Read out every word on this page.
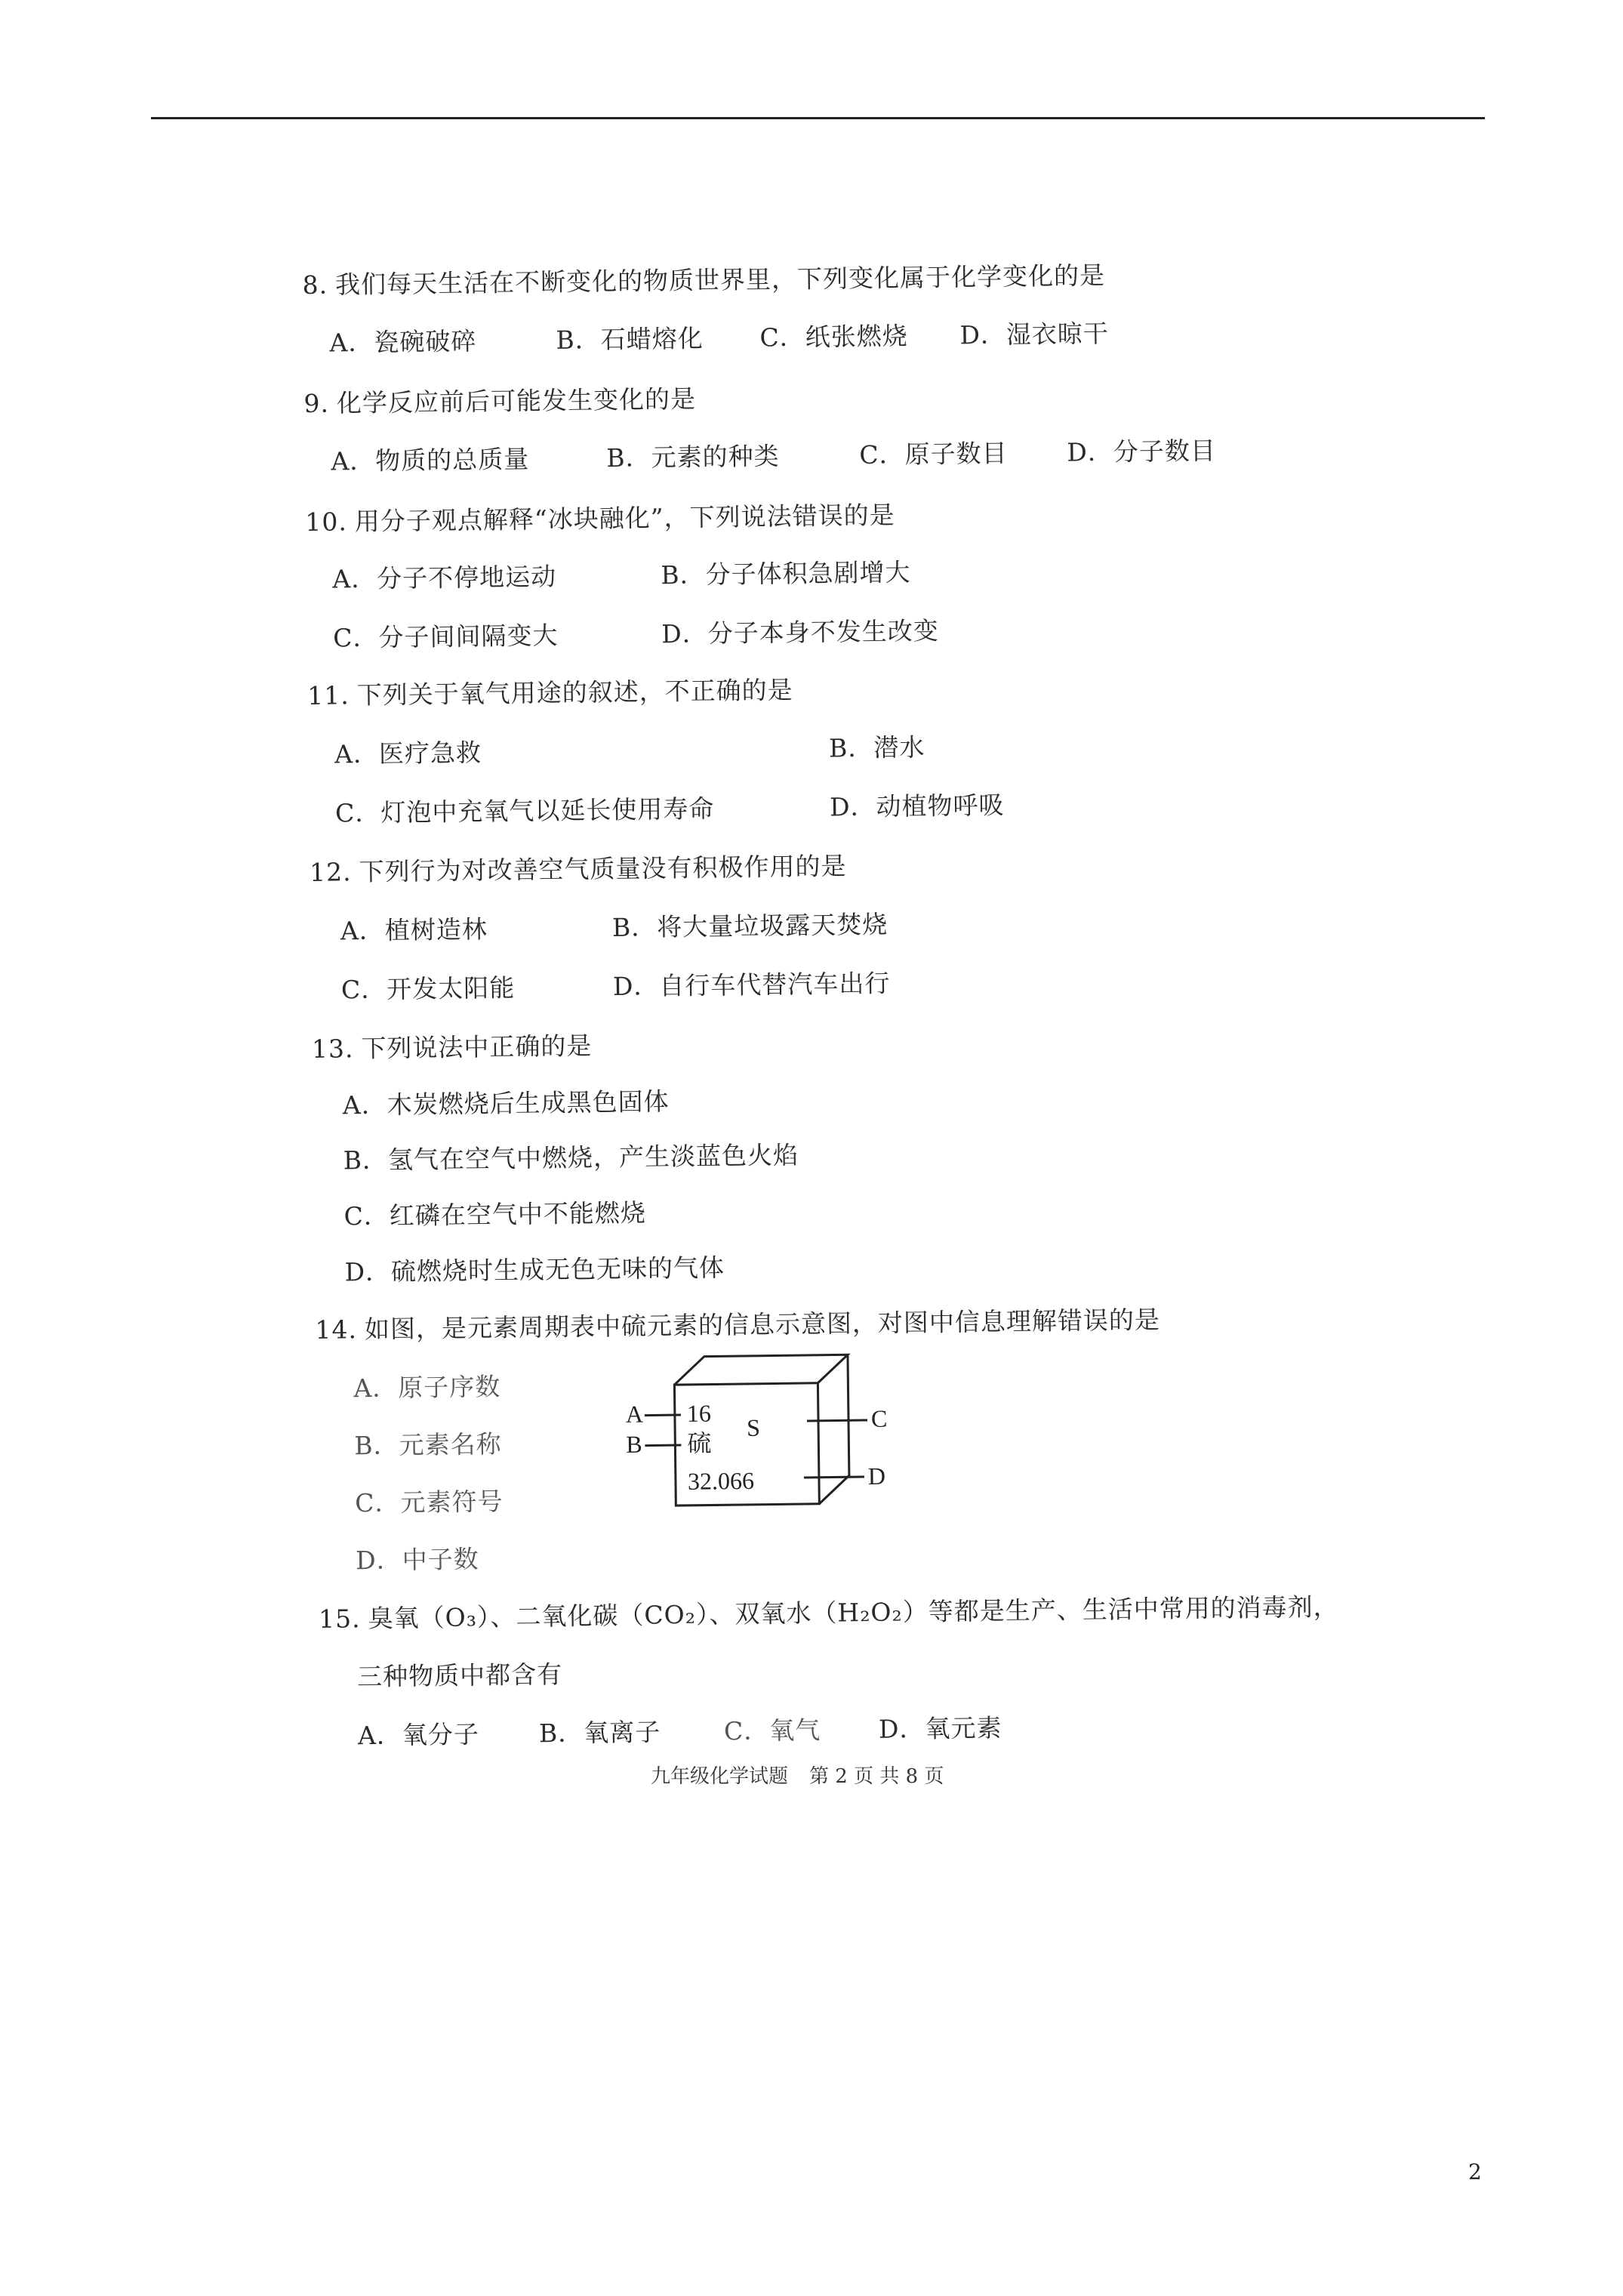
8. 我们每天生活在不断变化的物质世界里，下列变化属于化学变化的是
A．瓷碗破碎	B．石蜡熔化 C．纸张燃烧 D．湿衣晾干
9. 化学反应前后可能发生变化的是
A．物质的总质量	B．元素的种类	C．原子数目 D．分子数目
10. 用分子观点解释“冰块融化”，下列说法错误的是
A．分子不停地运动	B．分子体积急剧增大
C．分子间间隔变大	D．分子本身不发生改变
11. 下列关于氧气用途的叙述，不正确的是
A．医疗急救	B．潜水
C．灯泡中充氧气以延长使用寿命	D．动植物呼吸
12. 下列行为对改善空气质量没有积极作用的是
A．植树造林	B．将大量垃圾露天焚烧
C．开发太阳能	D．自行车代替汽车出行
13. 下列说法中正确的是
A．木炭燃烧后生成黑色固体
B．氢气在空气中燃烧，产生淡蓝色火焰
C．红磷在空气中不能燃烧
D．硫燃烧时生成无色无味的气体
14. 如图，是元素周期表中硫元素的信息示意图，对图中信息理解错误的是
A．原子序数
B．元素名称
C．元素符号
D．中子数
A
B
C
D
16
硫
S
32.066
15. 臭氧（O₃）、二氧化碳（CO₂）、双氧水（H₂O₂）等都是生产、生活中常用的消毒剂，
三种物质中都含有
A．氧分子 B．氧离子	C．氧气 D．氧元素
九年级化学试题 第 2 页 共 8 页
2
